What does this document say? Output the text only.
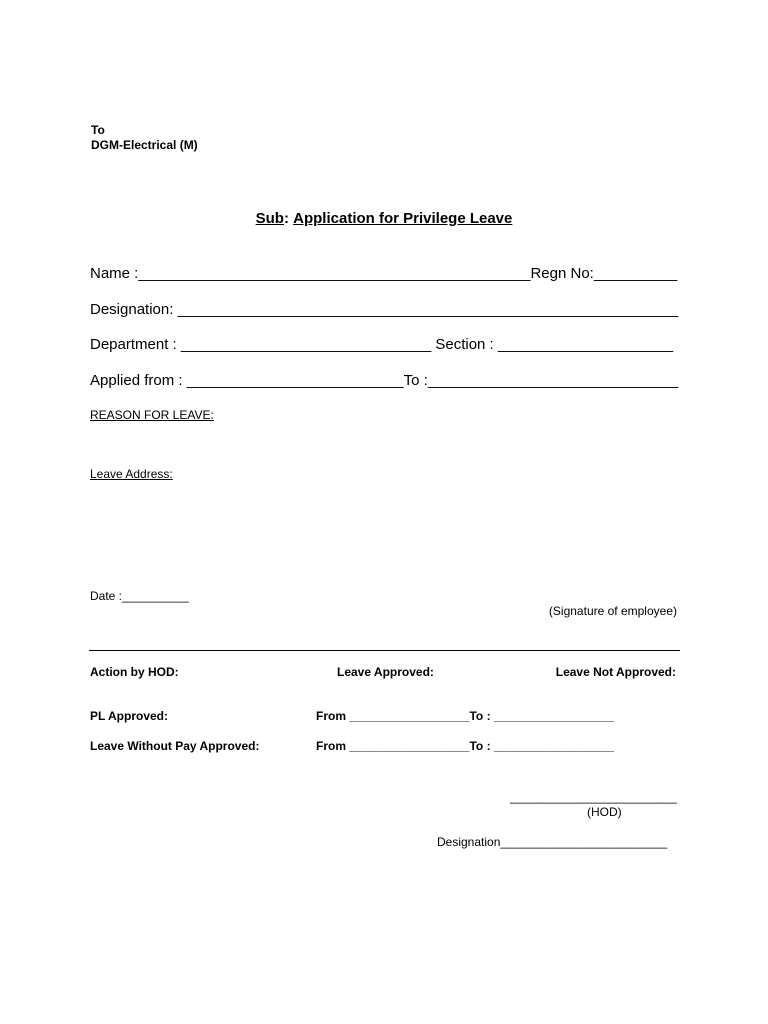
To
DGM-Electrical (M)
Sub: Application for Privilege Leave
Name :_______________________________________________Regn No:__________
Designation: ____________________________________________________________
Department : ______________________________ Section : _____________________
Applied from : __________________________To :______________________________
REASON FOR LEAVE:
Leave Address:
Date :__________
(Signature of employee)
Action by HOD:	Leave Approved:	Leave Not Approved:
PL Approved:	From __________________To : __________________
Leave Without Pay Approved:	From __________________To : __________________
_________________________
(HOD)
Designation_________________________
